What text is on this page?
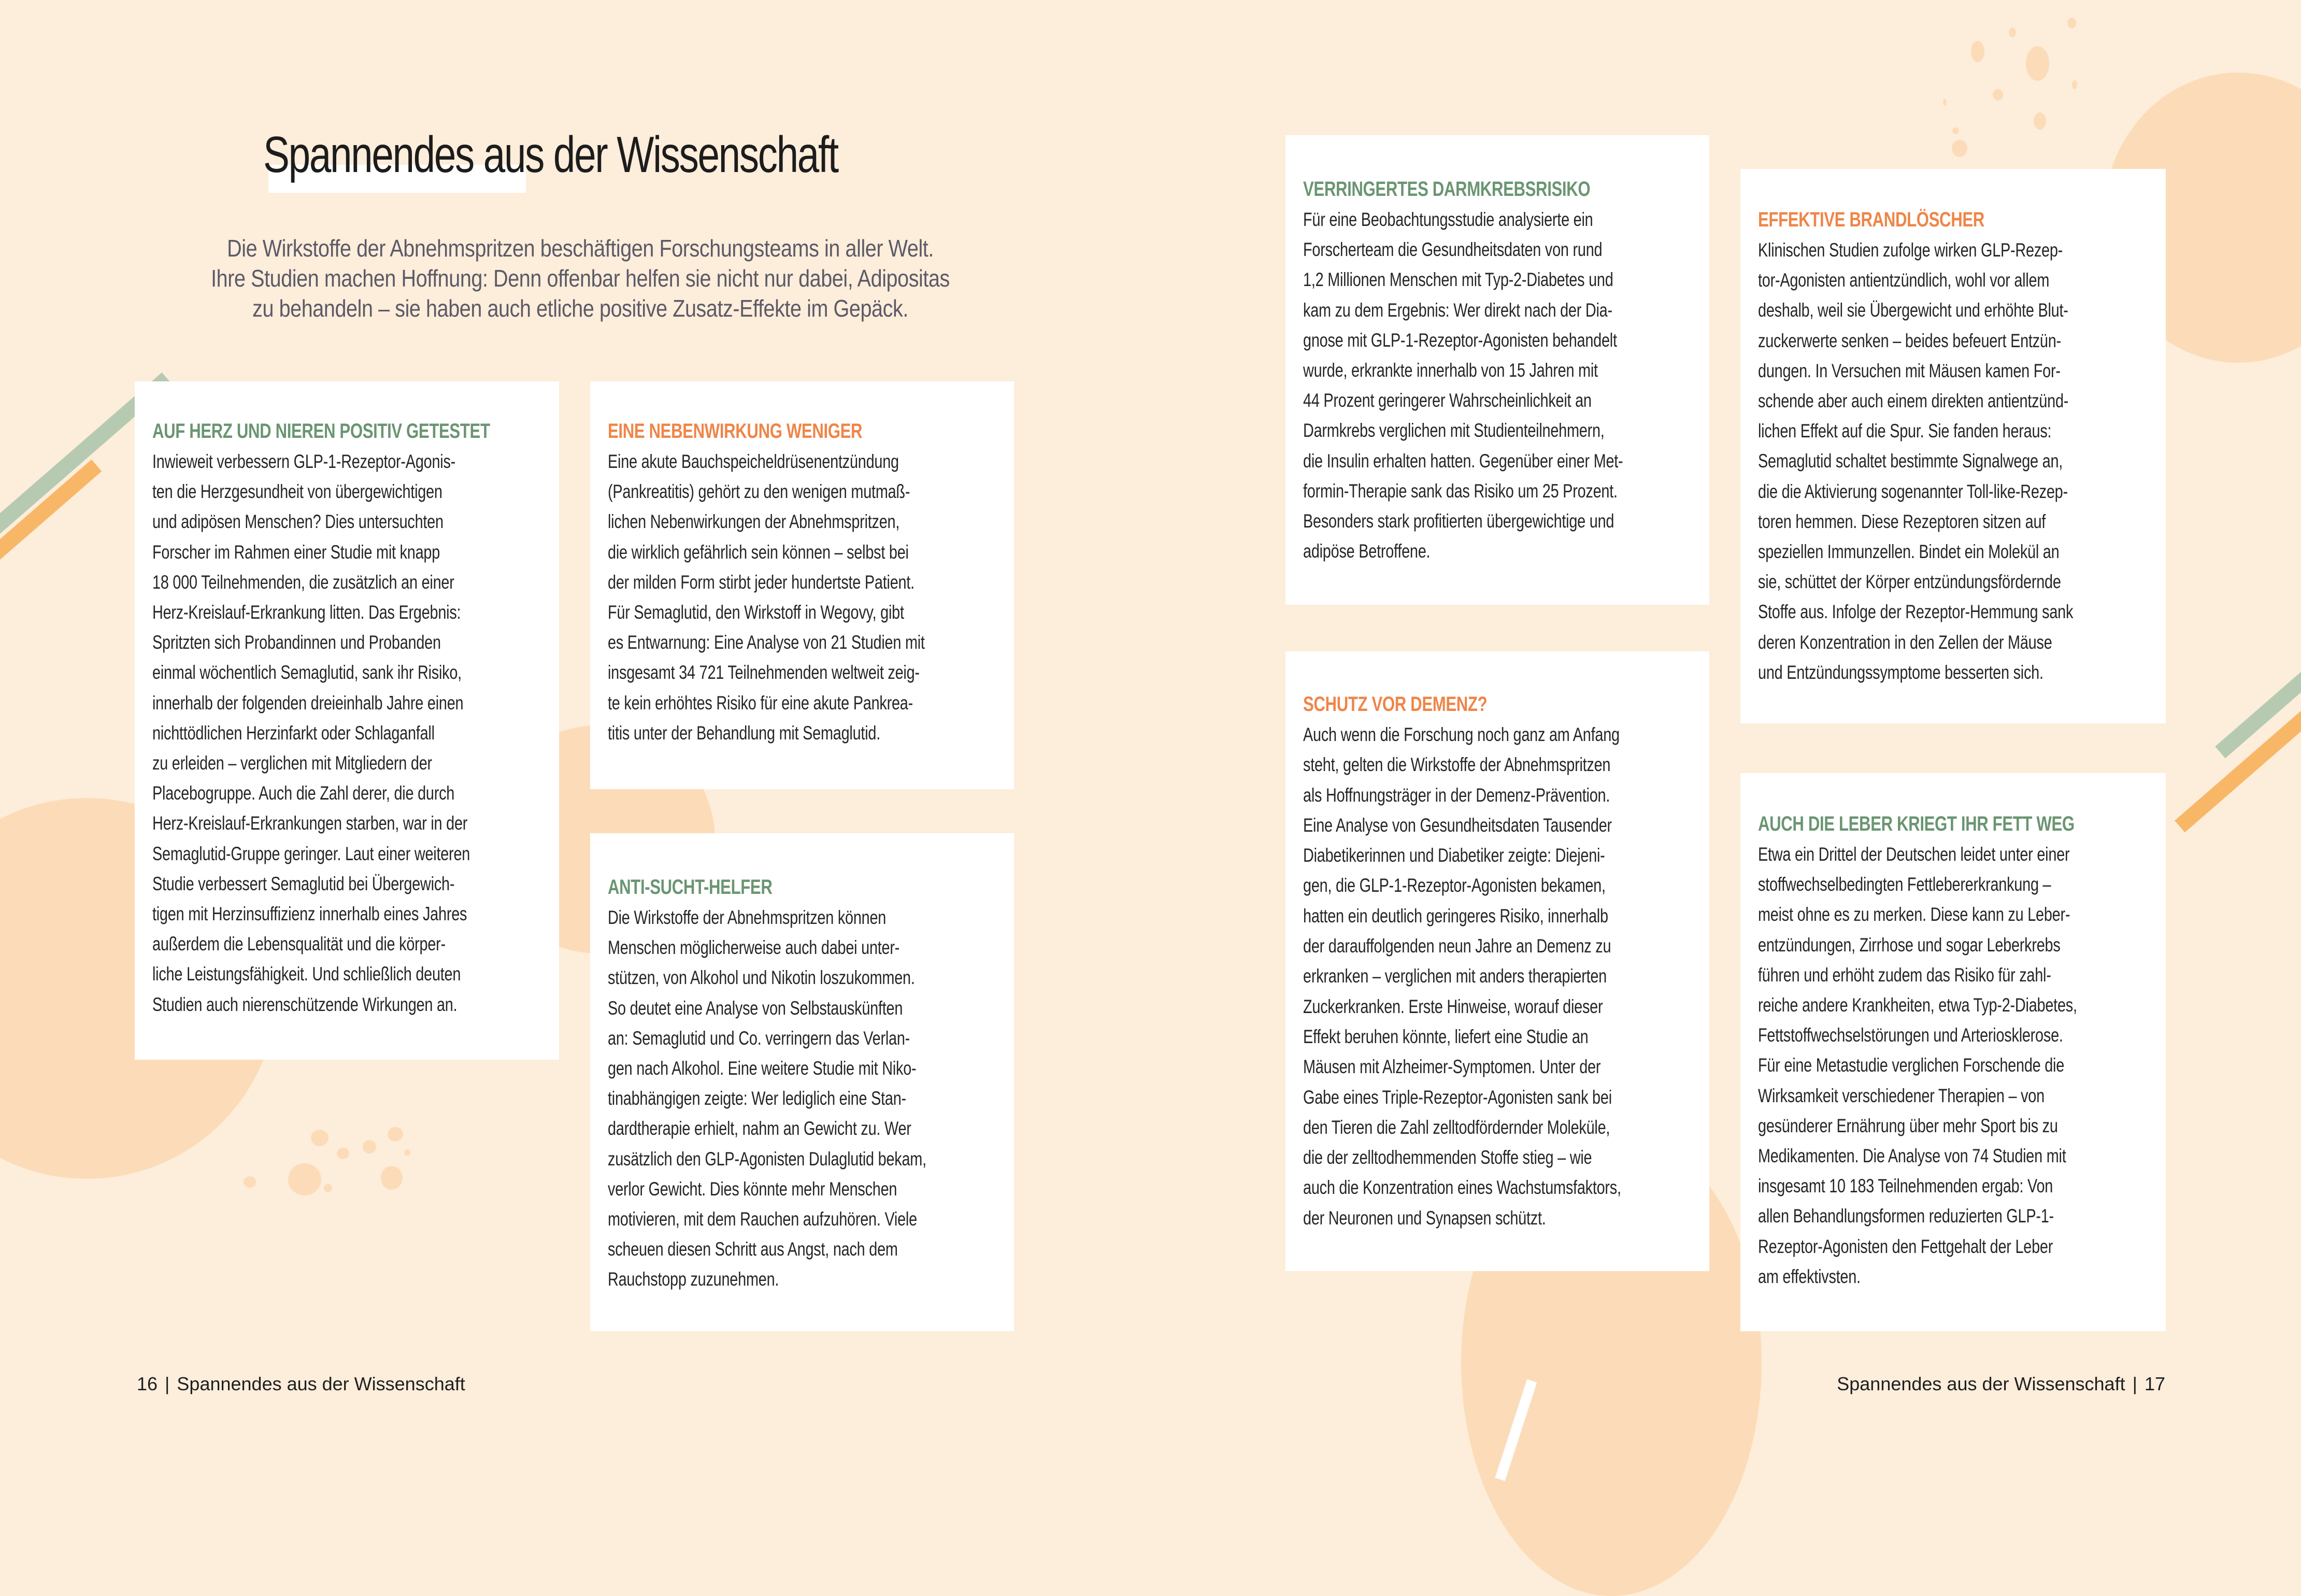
Spannendes aus der Wissenschaft
Die Wirkstoffe der Abnehmspritzen beschäftigen Forschungsteams in aller Welt.
Ihre Studien machen Hoffnung: Denn offenbar helfen sie nicht nur dabei, Adipositas
zu behandeln – sie haben auch etliche positive Zusatz-Effekte im Gepäck.
AUF HERZ UND NIEREN POSITIV GETESTET

Inwieweit verbessern GLP-1-Rezeptor-Agonis-
ten die Herzgesundheit von übergewichtigen
und adipösen Menschen? Dies untersuchten
Forscher im Rahmen einer Studie mit knapp
18 000 Teilnehmenden, die zusätzlich an einer
Herz-Kreislauf-Erkrankung litten. Das Ergebnis:
Spritzten sich Probandinnen und Probanden
einmal wöchentlich Semaglutid, sank ihr Risiko,
innerhalb der folgenden dreieinhalb Jahre einen
nichttödlichen Herzinfarkt oder Schlaganfall
zu erleiden – verglichen mit Mitgliedern der
Placebogruppe. Auch die Zahl derer, die durch
Herz-Kreislauf-Erkrankungen starben, war in der
Semaglutid-Gruppe geringer. Laut einer weiteren
Studie verbessert Semaglutid bei Übergewich-
tigen mit Herzinsuffizienz innerhalb eines Jahres
außerdem die Lebensqualität und die körper-
liche Leistungsfähigkeit. Und schließlich deuten
Studien auch nierenschützende Wirkungen an.

EINE NEBENWIRKUNG WENIGER

Eine akute Bauchspeicheldrüsenentzündung
(Pankreatitis) gehört zu den wenigen mutmaß-
lichen Nebenwirkungen der Abnehmspritzen,
die wirklich gefährlich sein können – selbst bei
der milden Form stirbt jeder hundertste Patient.
Für Semaglutid, den Wirkstoff in Wegovy, gibt
es Entwarnung: Eine Analyse von 21 Studien mit
insgesamt 34 721 Teilnehmenden weltweit zeig-
te kein erhöhtes Risiko für eine akute Pankrea-
titis unter der Behandlung mit Semaglutid.

ANTI-SUCHT-HELFER

Die Wirkstoffe der Abnehmspritzen können
Menschen möglicherweise auch dabei unter-
stützen, von Alkohol und Nikotin loszukommen.
So deutet eine Analyse von Selbstauskünften
an: Semaglutid und Co. verringern das Verlan-
gen nach Alkohol. Eine weitere Studie mit Niko-
tinabhängigen zeigte: Wer lediglich eine Stan-
dardtherapie erhielt, nahm an Gewicht zu. Wer
zusätzlich den GLP-Agonisten Dulaglutid bekam,
verlor Gewicht. Dies könnte mehr Menschen
motivieren, mit dem Rauchen aufzuhören. Viele
scheuen diesen Schritt aus Angst, nach dem
Rauchstopp zuzunehmen.

VERRINGERTES DARMKREBSRISIKO

Für eine Beobachtungsstudie analysierte ein
Forscherteam die Gesundheitsdaten von rund
1,2 Millionen Menschen mit Typ-2-Diabetes und
kam zu dem Ergebnis: Wer direkt nach der Dia-
gnose mit GLP-1-Rezeptor-Agonisten behandelt
wurde, erkrankte innerhalb von 15 Jahren mit
44 Prozent geringerer Wahrscheinlichkeit an
Darmkrebs verglichen mit Studienteilnehmern,
die Insulin erhalten hatten. Gegenüber einer Met-
formin-Therapie sank das Risiko um 25 Prozent.
Besonders stark profitierten übergewichtige und
adipöse Betroffene.

SCHUTZ VOR DEMENZ?

Auch wenn die Forschung noch ganz am Anfang
steht, gelten die Wirkstoffe der Abnehmspritzen
als Hoffnungsträger in der Demenz-Prävention.
Eine Analyse von Gesundheitsdaten Tausender
Diabetikerinnen und Diabetiker zeigte: Diejeni-
gen, die GLP-1-Rezeptor-Agonisten bekamen,
hatten ein deutlich geringeres Risiko, innerhalb
der darauffolgenden neun Jahre an Demenz zu
erkranken – verglichen mit anders therapierten
Zuckerkranken. Erste Hinweise, worauf dieser
Effekt beruhen könnte, liefert eine Studie an
Mäusen mit Alzheimer-Symptomen. Unter der
Gabe eines Triple-Rezeptor-Agonisten sank bei
den Tieren die Zahl zelltodfördernder Moleküle,
die der zelltodhemmenden Stoffe stieg – wie
auch die Konzentration eines Wachstumsfaktors,
der Neuronen und Synapsen schützt.

EFFEKTIVE BRANDLÖSCHER

Klinischen Studien zufolge wirken GLP-Rezep-
tor-Agonisten antientzündlich, wohl vor allem
deshalb, weil sie Übergewicht und erhöhte Blut-
zuckerwerte senken – beides befeuert Entzün-
dungen. In Versuchen mit Mäusen kamen For-
schende aber auch einem direkten antientzünd-
lichen Effekt auf die Spur. Sie fanden heraus:
Semaglutid schaltet bestimmte Signalwege an,
die die Aktivierung sogenannter Toll-like-Rezep-
toren hemmen. Diese Rezeptoren sitzen auf
speziellen Immunzellen. Bindet ein Molekül an
sie, schüttet der Körper entzündungsfördernde
Stoffe aus. Infolge der Rezeptor-Hemmung sank
deren Konzentration in den Zellen der Mäuse
und Entzündungssymptome besserten sich.

AUCH DIE LEBER KRIEGT IHR FETT WEG

Etwa ein Drittel der Deutschen leidet unter einer
stoffwechselbedingten Fettlebererkrankung –
meist ohne es zu merken. Diese kann zu Leber-
entzündungen, Zirrhose und sogar Leberkrebs
führen und erhöht zudem das Risiko für zahl-
reiche andere Krankheiten, etwa Typ-2-Diabetes,
Fettstoffwechselstörungen und Arteriosklerose.
Für eine Metastudie verglichen Forschende die
Wirksamkeit verschiedener Therapien – von
gesünderer Ernährung über mehr Sport bis zu
Medikamenten. Die Analyse von 74 Studien mit
insgesamt 10 183 Teilnehmenden ergab: Von
allen Behandlungsformen reduzierten GLP-1-
Rezeptor-Agonisten den Fettgehalt der Leber
am effektivsten.

16 | Spannendes aus der Wissenschaft	Spannendes aus der Wissenschaft | 17
